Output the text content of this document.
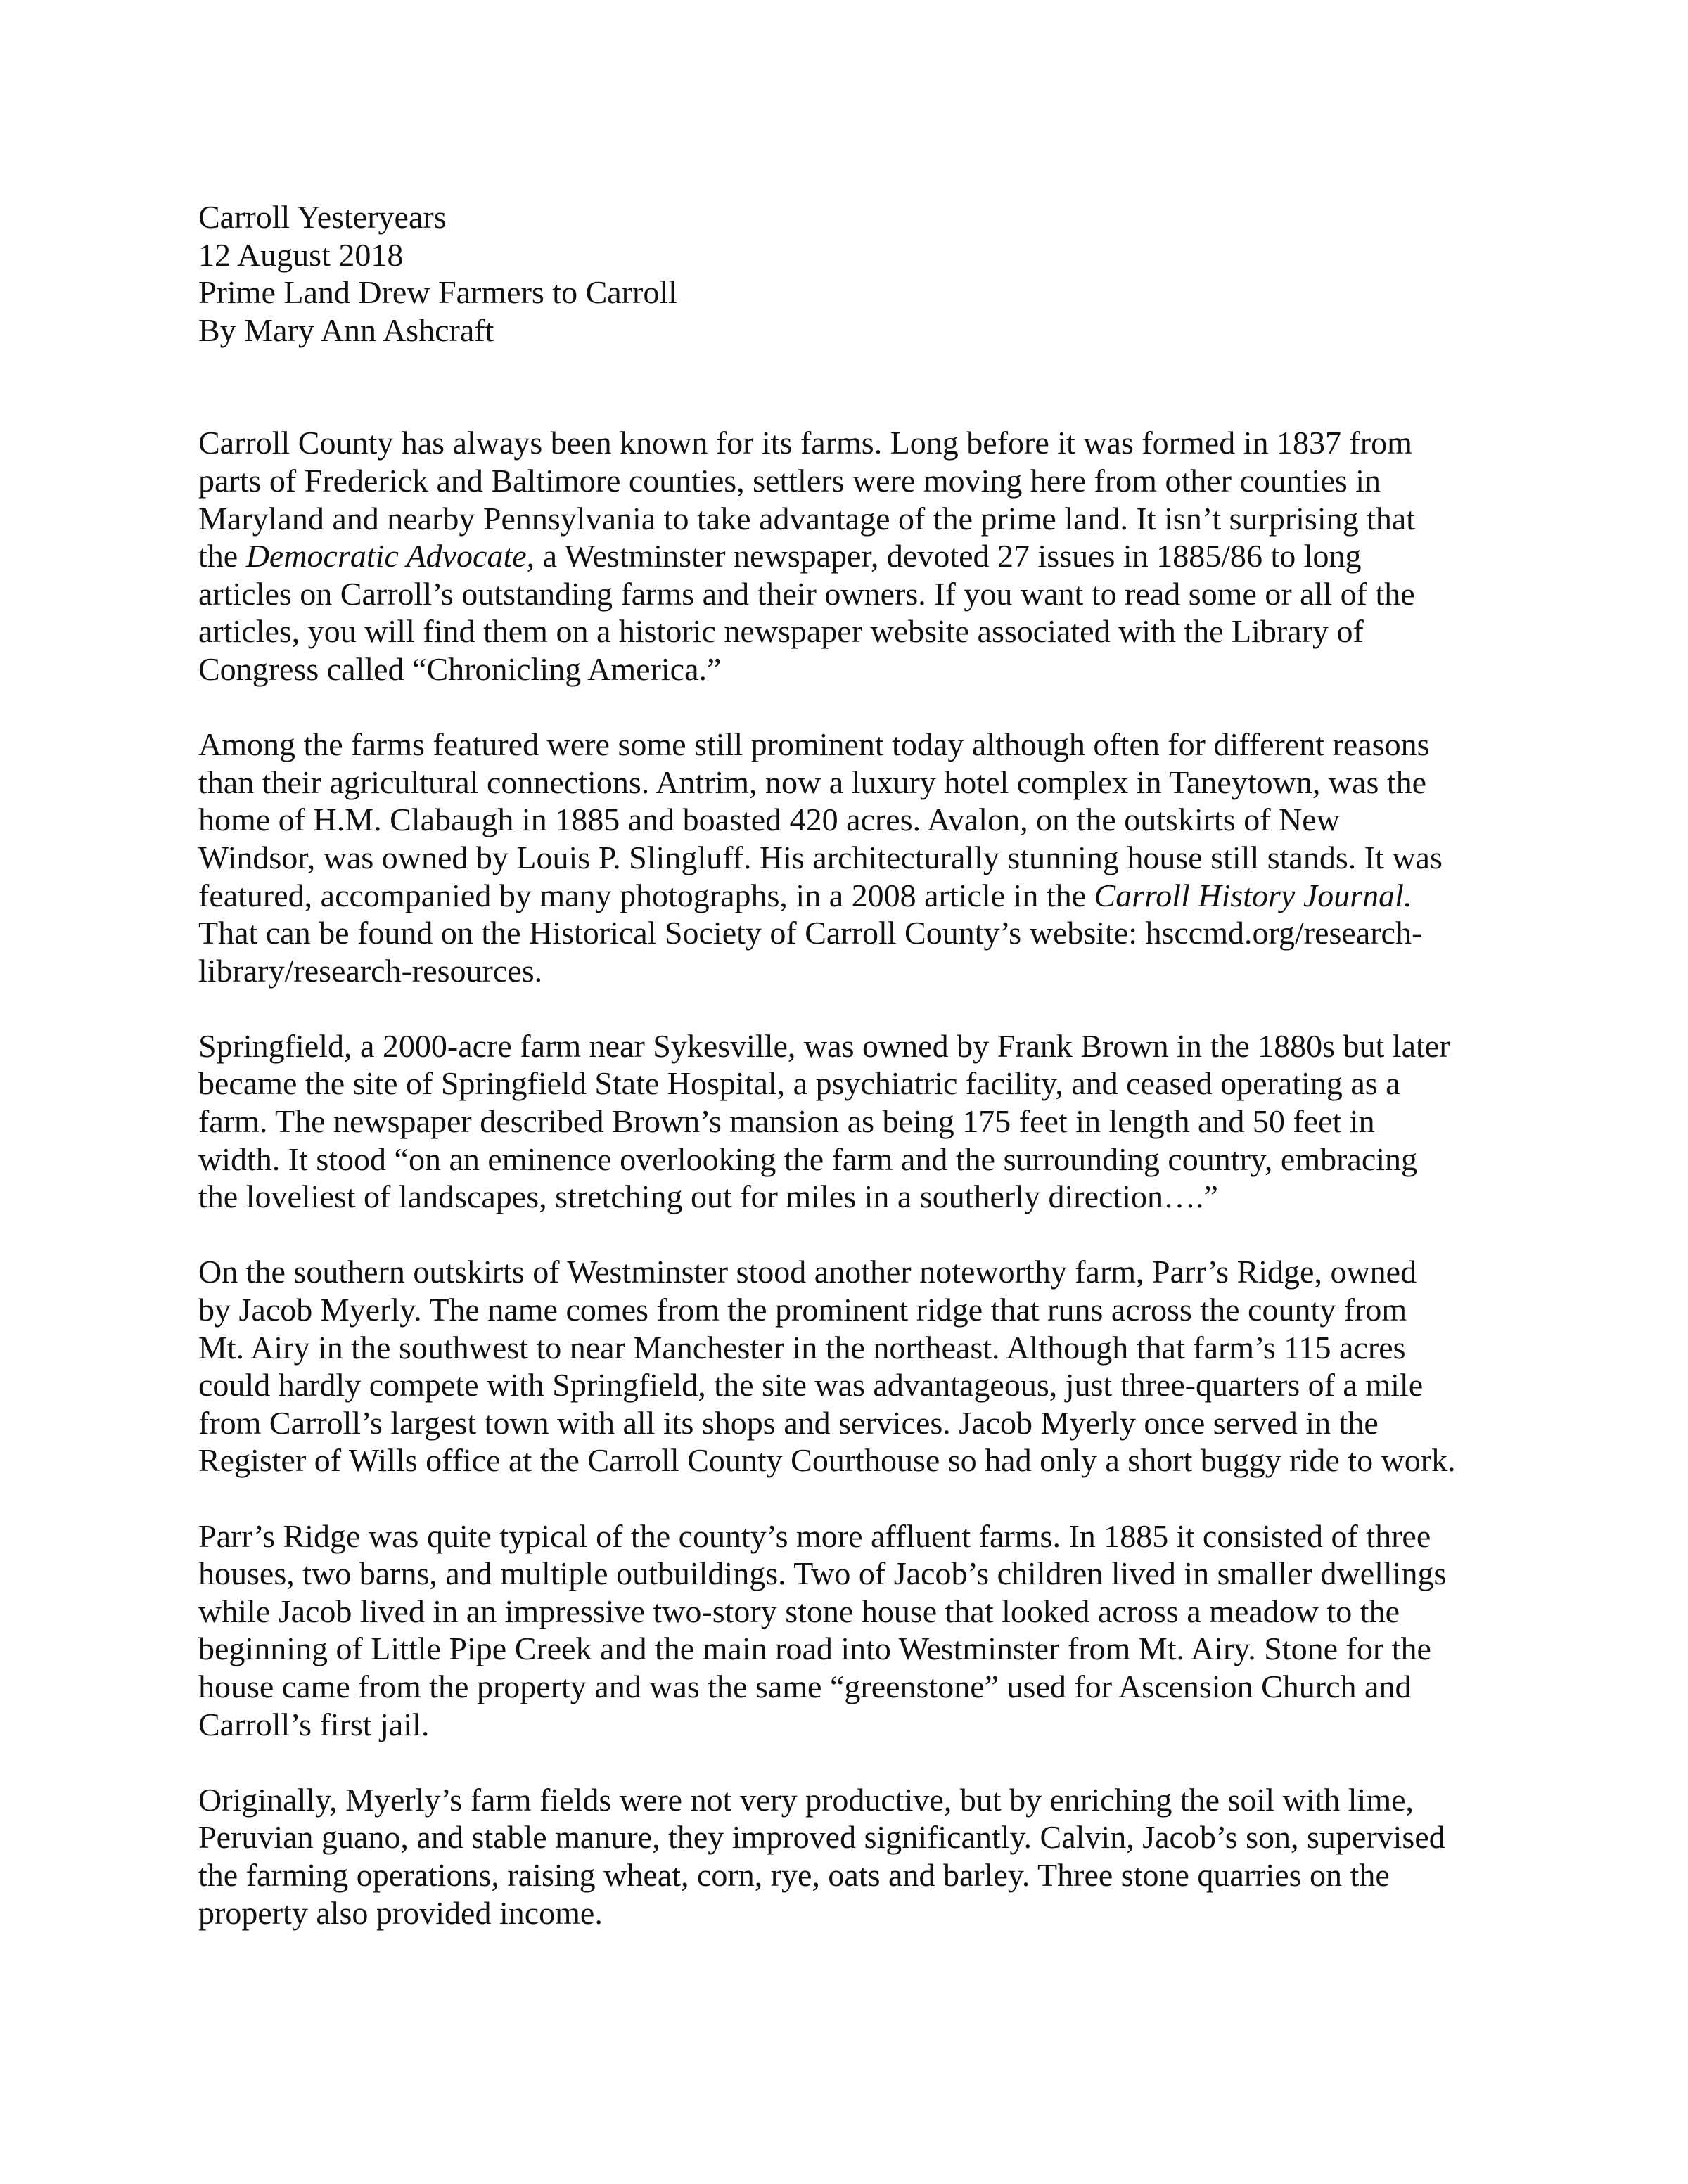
Carroll Yesteryears
12 August 2018
Prime Land Drew Farmers to Carroll
By Mary Ann Ashcraft
Carroll County has always been known for its farms. Long before it was formed in 1837 from
parts of Frederick and Baltimore counties, settlers were moving here from other counties in
Maryland and nearby Pennsylvania to take advantage of the prime land. It isn’t surprising that
the Democratic Advocate, a Westminster newspaper, devoted 27 issues in 1885/86 to long
articles on Carroll’s outstanding farms and their owners. If you want to read some or all of the
articles, you will find them on a historic newspaper website associated with the Library of
Congress called “Chronicling America.”
Among the farms featured were some still prominent today although often for different reasons
than their agricultural connections. Antrim, now a luxury hotel complex in Taneytown, was the
home of H.M. Clabaugh in 1885 and boasted 420 acres. Avalon, on the outskirts of New
Windsor, was owned by Louis P. Slingluff. His architecturally stunning house still stands. It was
featured, accompanied by many photographs, in a 2008 article in the Carroll History Journal.
That can be found on the Historical Society of Carroll County’s website: hsccmd.org/research-
library/research-resources.
Springfield, a 2000-acre farm near Sykesville, was owned by Frank Brown in the 1880s but later
became the site of Springfield State Hospital, a psychiatric facility, and ceased operating as a
farm. The newspaper described Brown’s mansion as being 175 feet in length and 50 feet in
width. It stood “on an eminence overlooking the farm and the surrounding country, embracing
the loveliest of landscapes, stretching out for miles in a southerly direction….”
On the southern outskirts of Westminster stood another noteworthy farm, Parr’s Ridge, owned
by Jacob Myerly. The name comes from the prominent ridge that runs across the county from
Mt. Airy in the southwest to near Manchester in the northeast. Although that farm’s 115 acres
could hardly compete with Springfield, the site was advantageous, just three-quarters of a mile
from Carroll’s largest town with all its shops and services. Jacob Myerly once served in the
Register of Wills office at the Carroll County Courthouse so had only a short buggy ride to work.
Parr’s Ridge was quite typical of the county’s more affluent farms. In 1885 it consisted of three
houses, two barns, and multiple outbuildings. Two of Jacob’s children lived in smaller dwellings
while Jacob lived in an impressive two-story stone house that looked across a meadow to the
beginning of Little Pipe Creek and the main road into Westminster from Mt. Airy. Stone for the
house came from the property and was the same “greenstone” used for Ascension Church and
Carroll’s first jail.
Originally, Myerly’s farm fields were not very productive, but by enriching the soil with lime,
Peruvian guano, and stable manure, they improved significantly. Calvin, Jacob’s son, supervised
the farming operations, raising wheat, corn, rye, oats and barley. Three stone quarries on the
property also provided income.
